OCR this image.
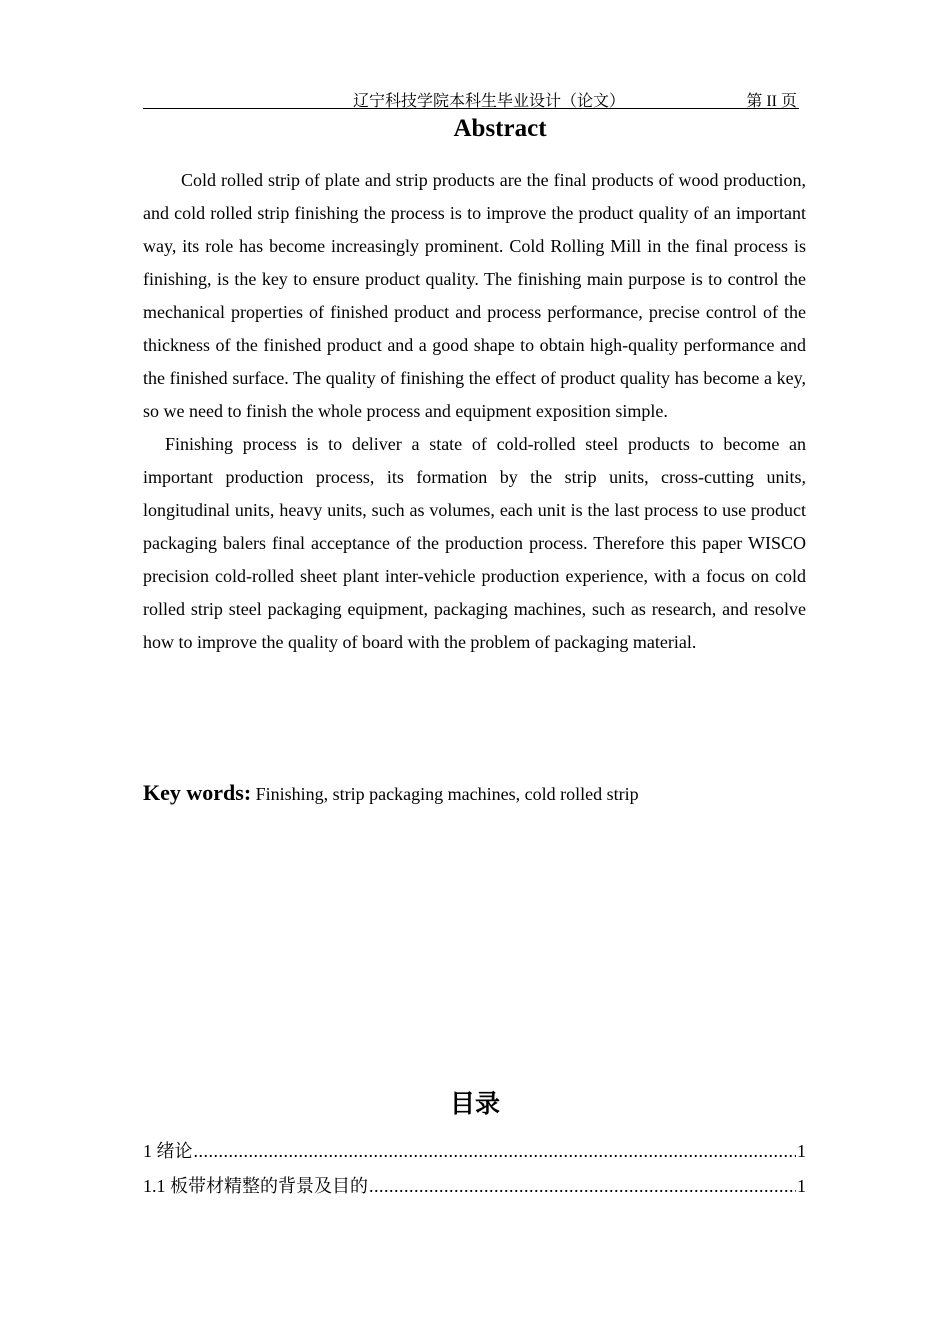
辽宁科技学院本科生毕业设计（论文）	第 II 页
Abstract

Cold rolled strip of plate and strip products are the final products of wood production, and cold rolled strip finishing the process is to improve the product quality of an important way, its role has become increasingly prominent. Cold Rolling Mill in the final process is finishing, is the key to ensure product quality. The finishing main purpose is to control the mechanical properties of finished product and process performance, precise control of the thickness of the finished product and a good shape to obtain high-quality performance and the finished surface. The quality of finishing the effect of product quality has become a key, so we need to finish the whole process and equipment exposition simple.

Finishing process is to deliver a state of cold-rolled steel products to become an important production process, its formation by the strip units, cross-cutting units, longitudinal units, heavy units, such as volumes, each unit is the last process to use product packaging balers final acceptance of the production process. Therefore this paper WISCO precision cold-rolled sheet plant inter-vehicle production experience, with a focus on cold rolled strip steel packaging equipment, packaging machines, such as research, and resolve how to improve the quality of board with the problem of packaging material.

Key words: Finishing, strip packaging machines, cold rolled strip
目录
1 绪论 .....	1
1.1 板带材精整的背景及目的 .....	1
